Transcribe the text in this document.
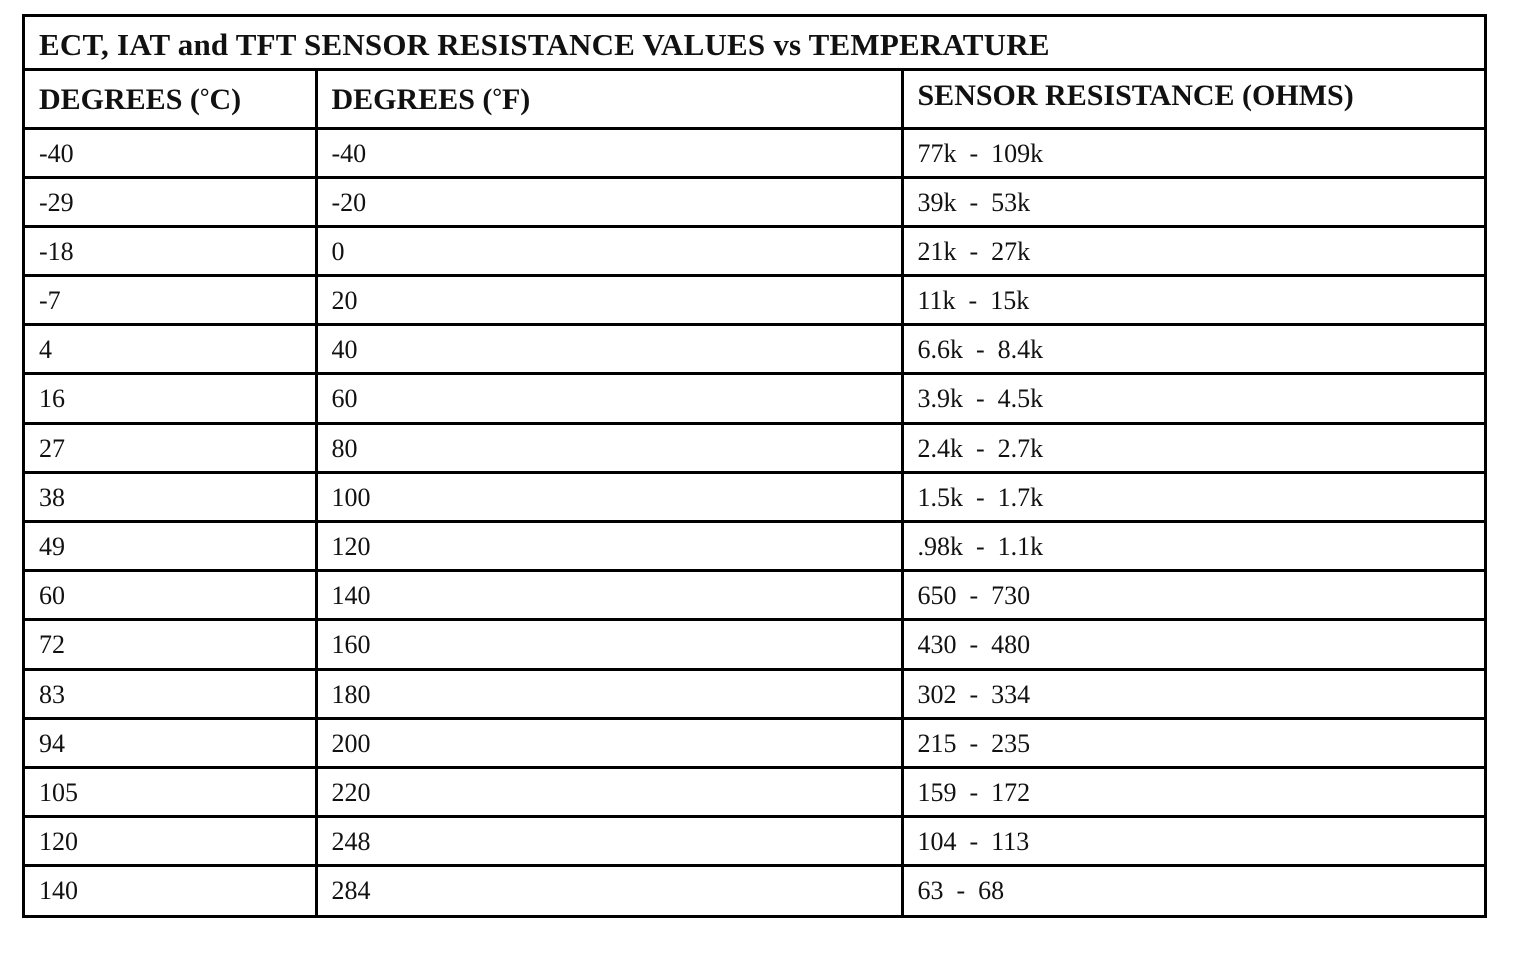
ECT, IAT and TFT SENSOR RESISTANCE VALUES vs TEMPERATURE
DEGREES (°C)	DEGREES (°F)	SENSOR RESISTANCE (OHMS)
-40	-40	77k  -  109k
-29	-20	39k  -  53k
-18	0	21k  -  27k
-7	20	11k  -  15k
4	40	6.6k  -  8.4k
16	60	3.9k  -  4.5k
27	80	2.4k  -  2.7k
38	100	1.5k  -  1.7k
49	120	.98k  -  1.1k
60	140	650  -  730
72	160	430  -  480
83	180	302  -  334
94	200	215  -  235
105	220	159  -  172
120	248	104  -  113
140	284	63  -  68
